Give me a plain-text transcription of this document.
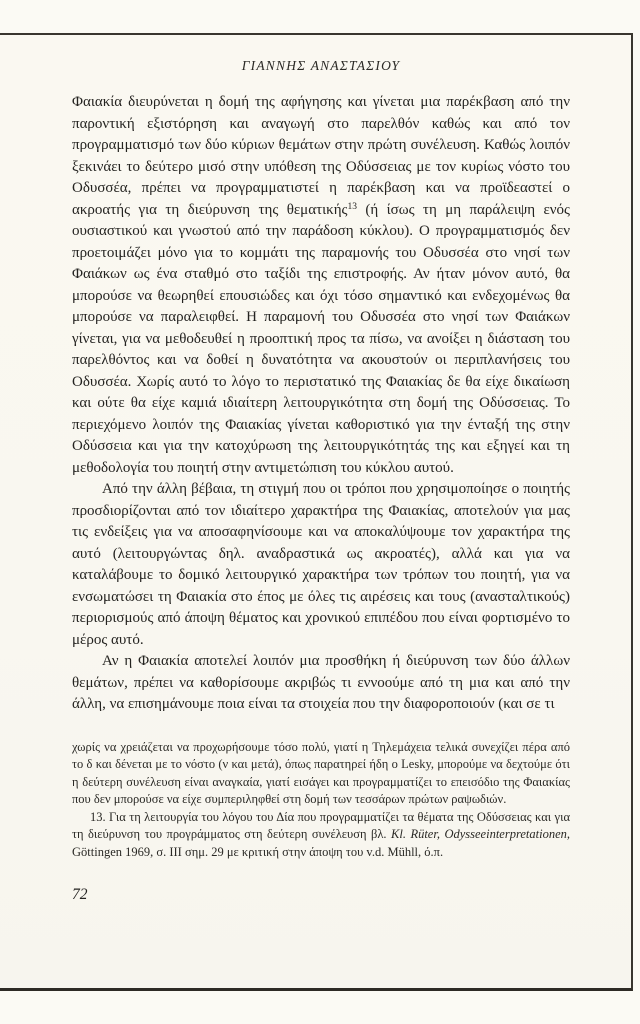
ΓΙΑΝΝΗΣ ΑΝΑΣΤΑΣΙΟΥ

Φαιακία διευρύνεται η δομή της αφήγησης και γίνεται μια παρέκβαση από την παροντική εξιστόρηση και αναγωγή στο παρελθόν καθώς και από τον προγραμματισμό των δύο κύριων θεμάτων στην πρώτη συνέλευση. Καθώς λοιπόν ξεκινάει το δεύτερο μισό στην υπόθεση της Οδύσσειας με τον κυρίως νόστο του Οδυσσέα, πρέπει να προγραμματιστεί η παρέκβαση και να προϊδεαστεί ο ακροατής για τη διεύρυνση της θεματικής$^{13}$ (ή ίσως τη μη παράλειψη ενός ουσιαστικού και γνωστού από την παράδοση κύκλου). Ο προγραμματισμός δεν προετοιμάζει μόνο για το κομμάτι της παραμονής του Οδυσσέα στο νησί των Φαιάκων ως ένα σταθμό στο ταξίδι της επιστροφής. Αν ήταν μόνον αυτό, θα μπορούσε να θεωρηθεί επουσιώδες και όχι τόσο σημαντικό και ενδεχομένως θα μπορούσε να παραλειφθεί. Η παραμονή του Οδυσσέα στο νησί των Φαιάκων γίνεται, για να μεθοδευθεί η προοπτική προς τα πίσω, να ανοίξει η διάσταση του παρελθόντος και να δοθεί η δυνατότητα να ακουστούν οι περιπλανήσεις του Οδυσσέα. Χωρίς αυτό το λόγο το περιστατικό της Φαιακίας δε θα είχε δικαίωση και ούτε θα είχε καμιά ιδιαίτερη λειτουργικότητα στη δομή της Οδύσσειας. Το περιεχόμενο λοιπόν της Φαιακίας γίνεται καθοριστικό για την ένταξή της στην Οδύσσεια και για την κατοχύρωση της λειτουργικότητάς της και εξηγεί και τη μεθοδολογία του ποιητή στην αντιμετώπιση του κύκλου αυτού.

Από την άλλη βέβαια, τη στιγμή που οι τρόποι που χρησιμοποίησε ο ποιητής προσδιορίζονται από τον ιδιαίτερο χαρακτήρα της Φαιακίας, αποτελούν για μας τις ενδείξεις για να αποσαφηνίσουμε και να αποκαλύψουμε τον χαρακτήρα της αυτό (λειτουργώντας δηλ. αναδραστικά ως ακροατές), αλλά και για να καταλάβουμε το δομικό λειτουργικό χαρακτήρα των τρόπων του ποιητή, για να ενσωματώσει τη Φαιακία στο έπος με όλες τις αιρέσεις και τους (ανασταλτικούς) περιορισμούς από άποψη θέματος και χρονικού επιπέδου που είναι φορτισμένο το μέρος αυτό.

Αν η Φαιακία αποτελεί λοιπόν μια προσθήκη ή διεύρυνση των δύο άλλων θεμάτων, πρέπει να καθορίσουμε ακριβώς τι εννοούμε από τη μια και από την άλλη, να επισημάνουμε ποια είναι τα στοιχεία που την διαφοροποιούν (και σε τι

χωρίς να χρειάζεται να προχωρήσουμε τόσο πολύ, γιατί η Τηλεμάχεια τελικά συνεχίζει πέρα από το δ και δένεται με το νόστο (ν και μετά), όπως παρατηρεί ήδη ο Lesky, μπορούμε να δεχτούμε ότι η δεύτερη συνέλευση είναι αναγκαία, γιατί εισάγει και προγραμματίζει το επεισόδιο της Φαιακίας που δεν μπορούσε να είχε συμπεριληφθεί στη δομή των τεσσάρων πρώτων ραψωδιών.

13. Για τη λειτουργία του λόγου του Δία που προγραμματίζει τα θέματα της Οδύσσειας και για τη διεύρυνση του προγράμματος στη δεύτερη συνέλευση βλ. Kl. Rüter, Odysseeinterpretationen, Göttingen 1969, σ. III σημ. 29 με κριτική στην άποψη του v.d. Mühll, ό.π.

72
